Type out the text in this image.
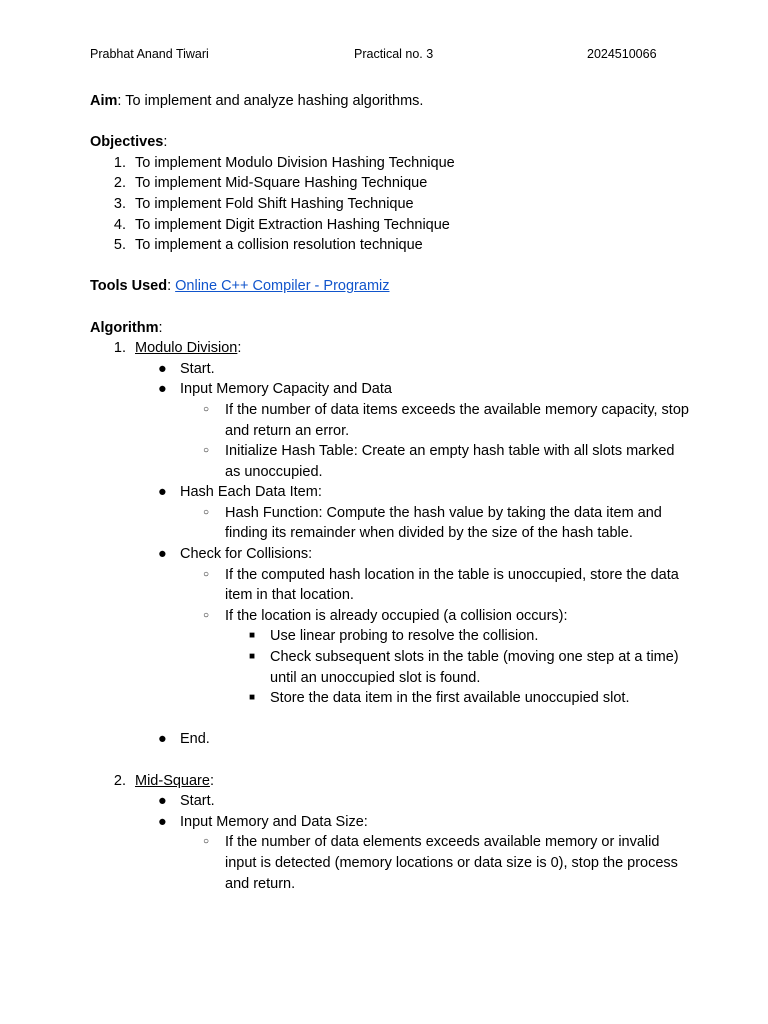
Prabhat Anand Tiwari	Practical no. 3	2024510066

Aim: To implement and analyze hashing algorithms.

Objectives:

1. To implement Modulo Division Hashing Technique
2. To implement Mid-Square Hashing Technique
3. To implement Fold Shift Hashing Technique
4. To implement Digit Extraction Hashing Technique
5. To implement a collision resolution technique

Tools Used: Online C++ Compiler - Programiz

Algorithm:

1. Modulo Division:
● Start.
● Input Memory Capacity and Data
○ If the number of data items exceeds the available memory capacity, stop and return an error.
○ Initialize Hash Table: Create an empty hash table with all slots marked as unoccupied.
● Hash Each Data Item:
○ Hash Function: Compute the hash value by taking the data item and finding its remainder when divided by the size of the hash table.
● Check for Collisions:
○ If the computed hash location in the table is unoccupied, store the data item in that location.
○ If the location is already occupied (a collision occurs):
■ Use linear probing to resolve the collision.
■ Check subsequent slots in the table (moving one step at a time) until an unoccupied slot is found.
■ Store the data item in the first available unoccupied slot.
● End.
2. Mid-Square:
● Start.
● Input Memory and Data Size:
○ If the number of data elements exceeds available memory or invalid input is detected (memory locations or data size is 0), stop the process and return.
